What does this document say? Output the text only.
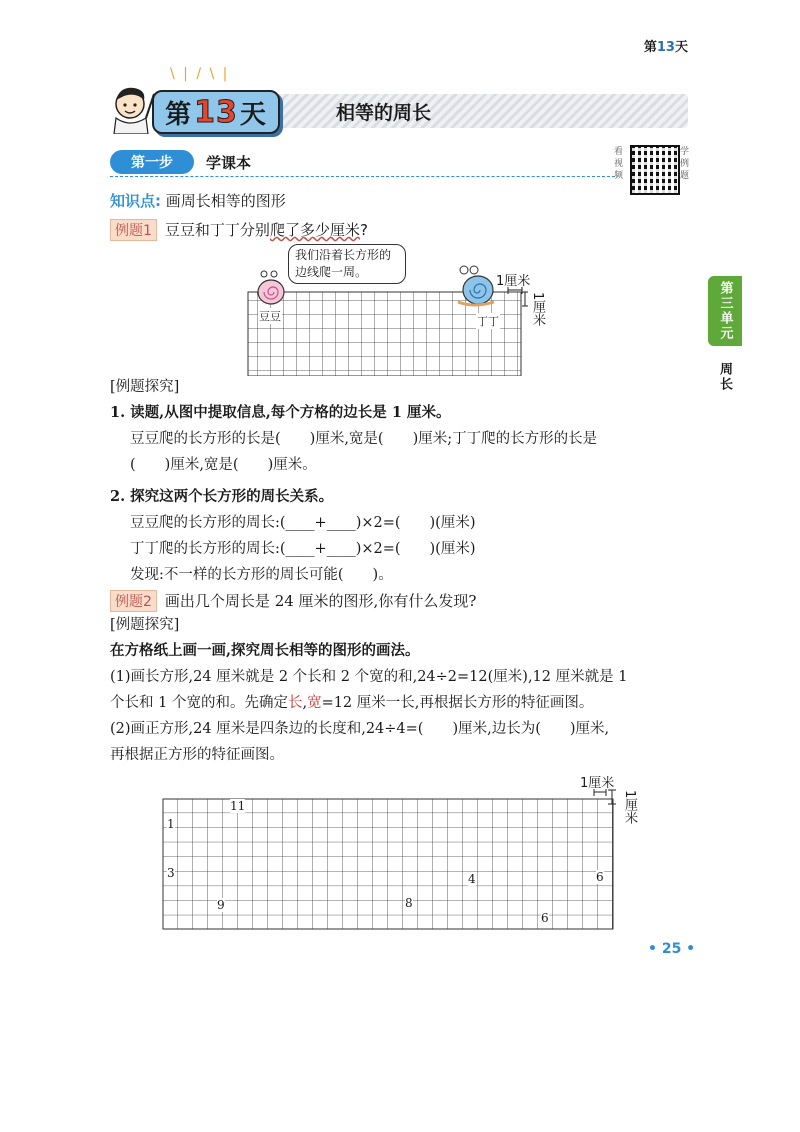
第13天
\ | / \ |
第 13 天	相等的周长
第一步	学课本
看视频
学例题
第三单元
周长
知识点: 画周长相等的图形
例题1 豆豆和丁丁分别爬了多少厘米?
豆豆	丁丁
我们沿着长方形的边线爬一周。
1厘米
1厘米
[例题探究]
1. 读题,从图中提取信息,每个方格的边长是 1 厘米。
豆豆爬的长方形的长是(　　)厘米,宽是(　　)厘米;丁丁爬的长方形的长是
(　　)厘米,宽是(　　)厘米。
2. 探究这两个长方形的周长关系。
豆豆爬的长方形的周长:(____+____)×2=(　　)(厘米)
丁丁爬的长方形的周长:(____+____)×2=(　　)(厘米)
发现:不一样的长方形的周长可能(　　)。
例题2 画出几个周长是 24 厘米的图形,你有什么发现?
[例题探究]
在方格纸上画一画,探究周长相等的图形的画法。
(1)画长方形,24 厘米就是 2 个长和 2 个宽的和,24÷2=12(厘米),12 厘米就是 1
个长和 1 个宽的和。先确定长,宽=12 厘米一长,再根据长方形的特征画图。
(2)画正方形,24 厘米是四条边的长度和,24÷4=(　　)厘米,边长为(　　)厘米,
再根据正方形的特征画图。
1厘米
1厘米
11
1
3	4	6
9	8
6
• 25 •
